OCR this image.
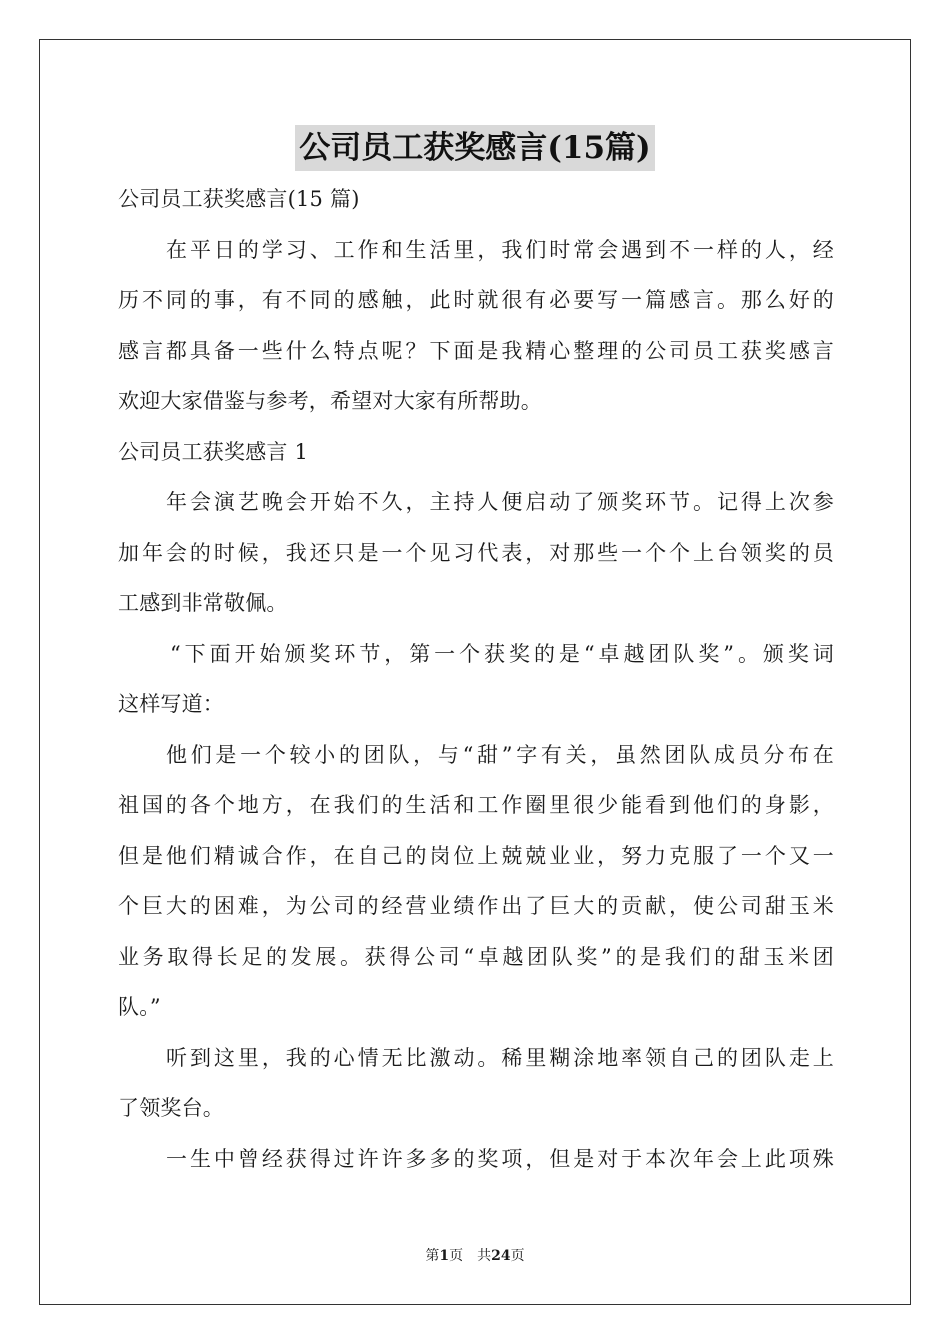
公司员工获奖感言(15篇)
公司员工获奖感言(15 篇)
在平日的学习、工作和生活里，我们时常会遇到不一样的人，经
历不同的事，有不同的感触，此时就很有必要写一篇感言。那么好的
感言都具备一些什么特点呢？下面是我精心整理的公司员工获奖感言
欢迎大家借鉴与参考，希望对大家有所帮助。
公司员工获奖感言 1
年会演艺晚会开始不久，主持人便启动了颁奖环节。记得上次参
加年会的时候，我还只是一个见习代表，对那些一个个上台领奖的员
工感到非常敬佩。
“下面开始颁奖环节，第一个获奖的是“卓越团队奖”。颁奖词
这样写道：
他们是一个较小的团队，与“甜”字有关，虽然团队成员分布在
祖国的各个地方，在我们的生活和工作圈里很少能看到他们的身影，
但是他们精诚合作，在自己的岗位上兢兢业业，努力克服了一个又一
个巨大的困难，为公司的经营业绩作出了巨大的贡献，使公司甜玉米
业务取得长足的发展。获得公司“卓越团队奖”的是我们的甜玉米团
队。”
听到这里，我的心情无比激动。稀里糊涂地率领自己的团队走上
了领奖台。
一生中曾经获得过许许多多的奖项，但是对于本次年会上此项殊
第1页　共24页
